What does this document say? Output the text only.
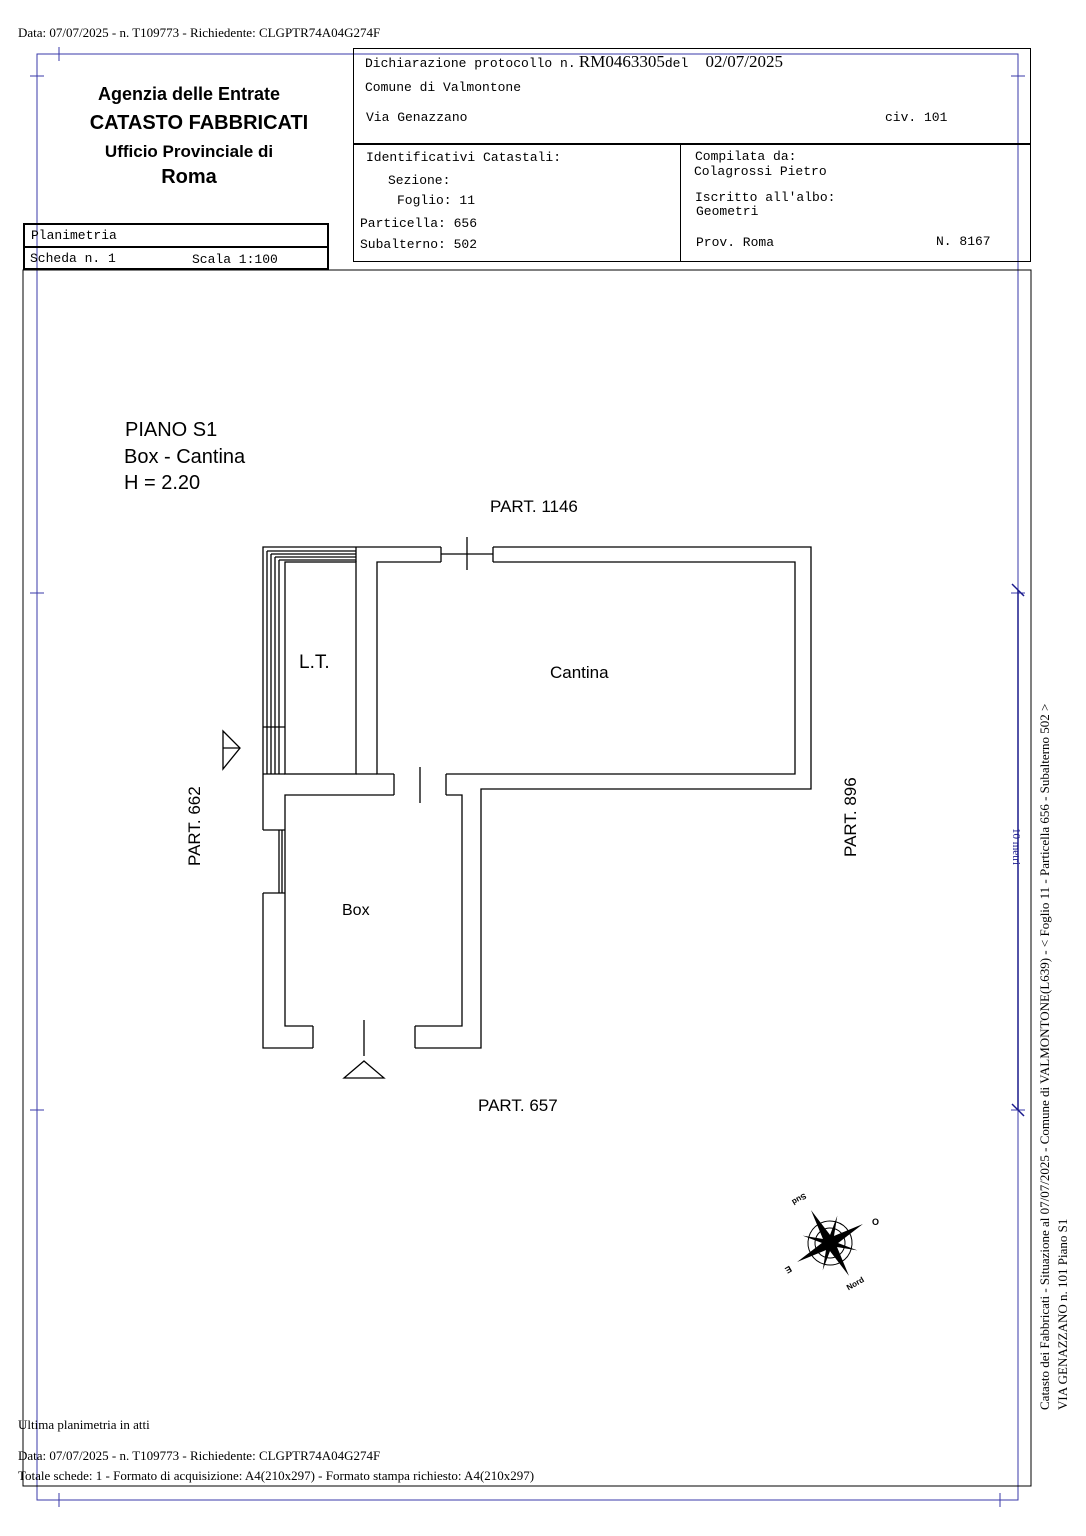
Data: 07/07/2025 - n. T109773 - Richiedente: CLGPTR74A04G274F
Agenzia delle Entrate
CATASTO FABBRICATI
Ufficio Provinciale di
Roma
Planimetria
Scheda n. 1	Scala 1:100
Dichiarazione protocollo n. RM0463305del 02/07/2025
Comune di Valmontone
Via Genazzano	civ. 101
Identificativi Catastali:
Sezione:
Foglio: 11
Particella: 656
Subalterno: 502
Compilata da:
Colagrossi Pietro
Iscritto all'albo:
Geometri
Prov. Roma	N. 8167
PIANO S1
Box - Cantina
H = 2.20
PART. 1146
PART. 657
PART. 662	PART. 896
L.T.	Cantina
Box
Sud
O
E
Nord
10 metri Catasto dei Fabbricati - Situazione al 07/07/2025 - Comune di VALMONTONE(L639) - < Foglio 11 - Particella 656 - Subalterno 502 > VIA GENAZZANO n. 101 Piano S1
Ultima planimetria in atti
Data: 07/07/2025 - n. T109773 - Richiedente: CLGPTR74A04G274F
Totale schede: 1 - Formato di acquisizione: A4(210x297) - Formato stampa richiesto: A4(210x297)
